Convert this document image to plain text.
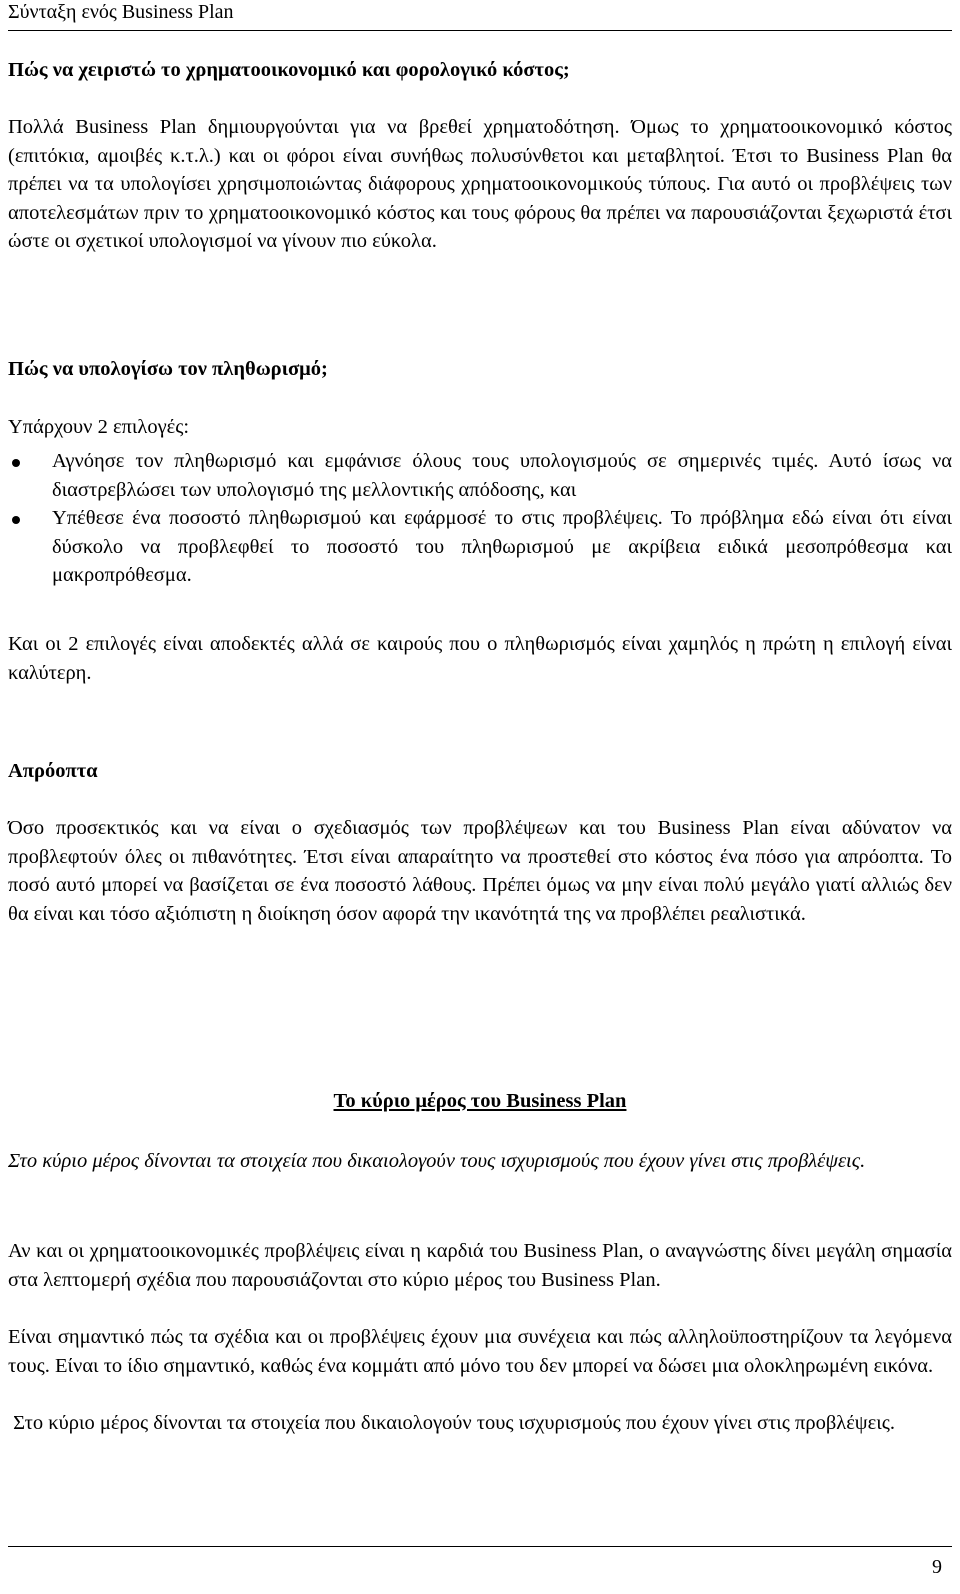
Σύνταξη ενός Business Plan
Πώς να χειριστώ το χρηματοοικονομικό και φορολογικό κόστος;
Πολλά Business Plan δημιουργούνται για να βρεθεί χρηματοδότηση. Όμως το χρηματοοικονομικό κόστος (επιτόκια, αμοιβές κ.τ.λ.) και οι φόροι είναι συνήθως πολυσύνθετοι και μεταβλητοί. Έτσι το Business Plan θα πρέπει να τα υπολογίσει χρησιμοποιώντας διάφορους χρηματοοικονομικούς τύπους. Για αυτό οι προβλέψεις των αποτελεσμάτων πριν το χρηματοοικονομικό κόστος και τους φόρους θα πρέπει να παρουσιάζονται ξεχωριστά έτσι ώστε οι σχετικοί υπολογισμοί να γίνουν πιο εύκολα.
Πώς να υπολογίσω τον πληθωρισμό;
Υπάρχουν 2 επιλογές:
Αγνόησε τον πληθωρισμό και εμφάνισε όλους τους υπολογισμούς σε σημερινές τιμές. Αυτό ίσως να διαστρεβλώσει των υπολογισμό της μελλοντικής απόδοσης, και
Υπέθεσε ένα ποσοστό πληθωρισμού και εφάρμοσέ το στις προβλέψεις. Το πρόβλημα εδώ είναι ότι είναι δύσκολο να προβλεφθεί το ποσοστό του πληθωρισμού με ακρίβεια ειδικά μεσοπρόθεσμα και μακροπρόθεσμα.
Και οι 2 επιλογές είναι αποδεκτές αλλά σε καιρούς που ο πληθωρισμός είναι χαμηλός η πρώτη η επιλογή είναι καλύτερη.
Απρόοπτα
Όσο προσεκτικός και να είναι ο σχεδιασμός των προβλέψεων και του Business Plan είναι αδύνατον να προβλεφτούν όλες οι πιθανότητες. Έτσι είναι απαραίτητο να προστεθεί στο κόστος ένα πόσο για απρόοπτα. Το ποσό αυτό μπορεί να βασίζεται σε ένα ποσοστό λάθους. Πρέπει όμως να μην είναι πολύ μεγάλο γιατί αλλιώς δεν θα είναι και τόσο αξιόπιστη η διοίκηση όσον αφορά την ικανότητά της να προβλέπει ρεαλιστικά.
Το κύριο μέρος του Business Plan
Στο κύριο μέρος δίνονται τα στοιχεία που δικαιολογούν τους ισχυρισμούς που έχουν γίνει στις προβλέψεις.
Αν και οι χρηματοοικονομικές προβλέψεις είναι η καρδιά του Business Plan, ο αναγνώστης δίνει μεγάλη σημασία στα λεπτομερή σχέδια που παρουσιάζονται στο κύριο μέρος του Business Plan.
Είναι σημαντικό πώς τα σχέδια και οι προβλέψεις έχουν μια συνέχεια και πώς αλληλοϋποστηρίζουν τα λεγόμενα τους. Είναι το ίδιο σημαντικό, καθώς ένα κομμάτι από μόνο του δεν μπορεί να δώσει μια ολοκληρωμένη εικόνα.
Στο κύριο μέρος δίνονται τα στοιχεία που δικαιολογούν τους ισχυρισμούς που έχουν γίνει στις προβλέψεις.
9
